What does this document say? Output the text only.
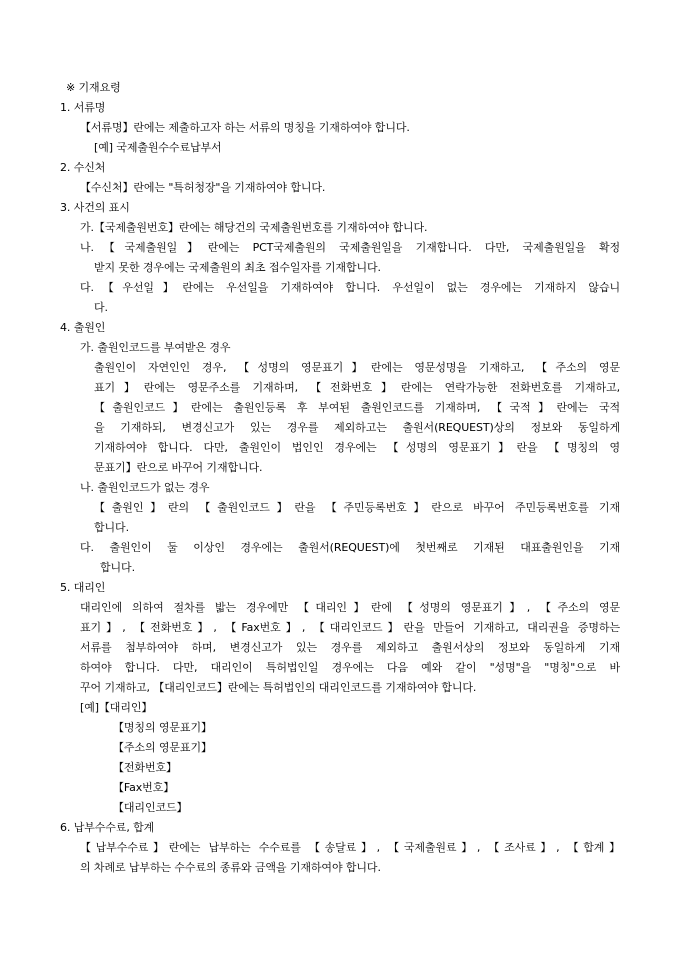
※ 기재요령
1. 서류명
【서류명】란에는 제출하고자 하는 서류의 명칭을 기재하여야 합니다.
[예] 국제출원수수료납부서
2. 수신처
【수신처】란에는 "특허청장"을 기재하여야 합니다.
3. 사건의 표시
가.【국제출원번호】란에는 해당건의 국제출원번호를 기재하여야 합니다.
나.【국제출원일】란에는 PCT국제출원의 국제출원일을 기재합니다. 다만, 국제출원일을 확정
받지 못한 경우에는 국제출원의 최초 접수일자를 기재합니다.
다.【우선일】란에는 우선일을 기재하여야 합니다. 우선일이 없는 경우에는 기재하지 않습니
다.
4. 출원인
가. 출원인코드를 부여받은 경우
출원인이 자연인인 경우, 【성명의 영문표기】란에는 영문성명을 기재하고, 【주소의 영문
표기】란에는 영문주소를 기재하며, 【전화번호】란에는 연락가능한 전화번호를 기재하고,
【출원인코드】란에는 출원인등록 후 부여된 출원인코드를 기재하며, 【국적】란에는 국적
을 기재하되, 변경신고가 있는 경우를 제외하고는 출원서(REQUEST)상의 정보와 동일하게
기재하여야 합니다. 다만, 출원인이 법인인 경우에는 【성명의 영문표기】란을 【명칭의 영
문표기】란으로 바꾸어 기재합니다.
나. 출원인코드가 없는 경우
【출원인】란의 【출원인코드】란을 【주민등록번호】란으로 바꾸어 주민등록번호를 기재
합니다.
다. 출원인이 둘 이상인 경우에는 출원서(REQUEST)에 첫번째로 기재된 대표출원인을 기재
합니다.
5. 대리인
대리인에 의하여 절차를 밟는 경우에만 【대리인】란에 【성명의 영문표기】, 【주소의 영문
표기】, 【전화번호】, 【Fax번호】, 【대리인코드】란을 만들어 기재하고, 대리권을 증명하는
서류를 첨부하여야 하며, 변경신고가 있는 경우를 제외하고 출원서상의 정보와 동일하게 기재
하여야 합니다. 다만, 대리인이 특허법인일 경우에는 다음 예와 같이 "성명"을 "명칭"으로 바
꾸어 기재하고, 【대리인코드】란에는 특허법인의 대리인코드를 기재하여야 합니다.
[예]【대리인】
【명칭의 영문표기】
【주소의 영문표기】
【전화번호】
【Fax번호】
【대리인코드】
6. 납부수수료, 합계
【납부수수료】란에는 납부하는 수수료를 【송달료】, 【국제출원료】, 【조사료】, 【합계】
의 차례로 납부하는 수수료의 종류와 금액을 기재하여야 합니다.
